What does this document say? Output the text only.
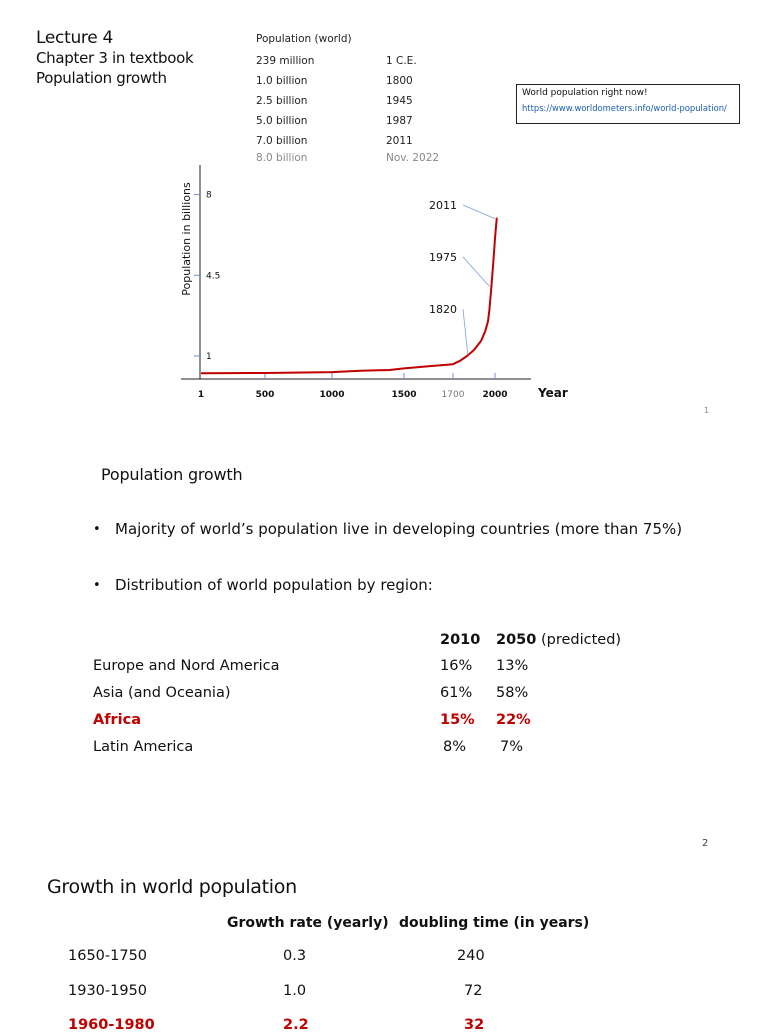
Lecture 4
Chapter 3 in textbook
Population growth
Population (world)
239 million	1 C.E.
1.0 billion	1800
2.5 billion	1945
5.0 billion	1987
7.0 billion	2011
8.0 billion	Nov. 2022
World population right now!
https://www.worldometers.info/world-population/
1
4.5
8
1	500	1000	1500	1700 2000	Year
Population in billions	2011
1975
1820
1
Population growth
• Majority of world’s population live in developing countries (more than 75%)
• Distribution of world population by region:
2010 2050 (predicted)
Europe and Nord America	16% 13%
Asia (and Oceania)	61% 58%
Africa	15% 22%
Latin America	8% 7%
2
Growth in world population
Growth rate (yearly) doubling time (in years)
1650-1750	0.3	240
1930-1950	1.0	72
1960-1980	2.2	32
